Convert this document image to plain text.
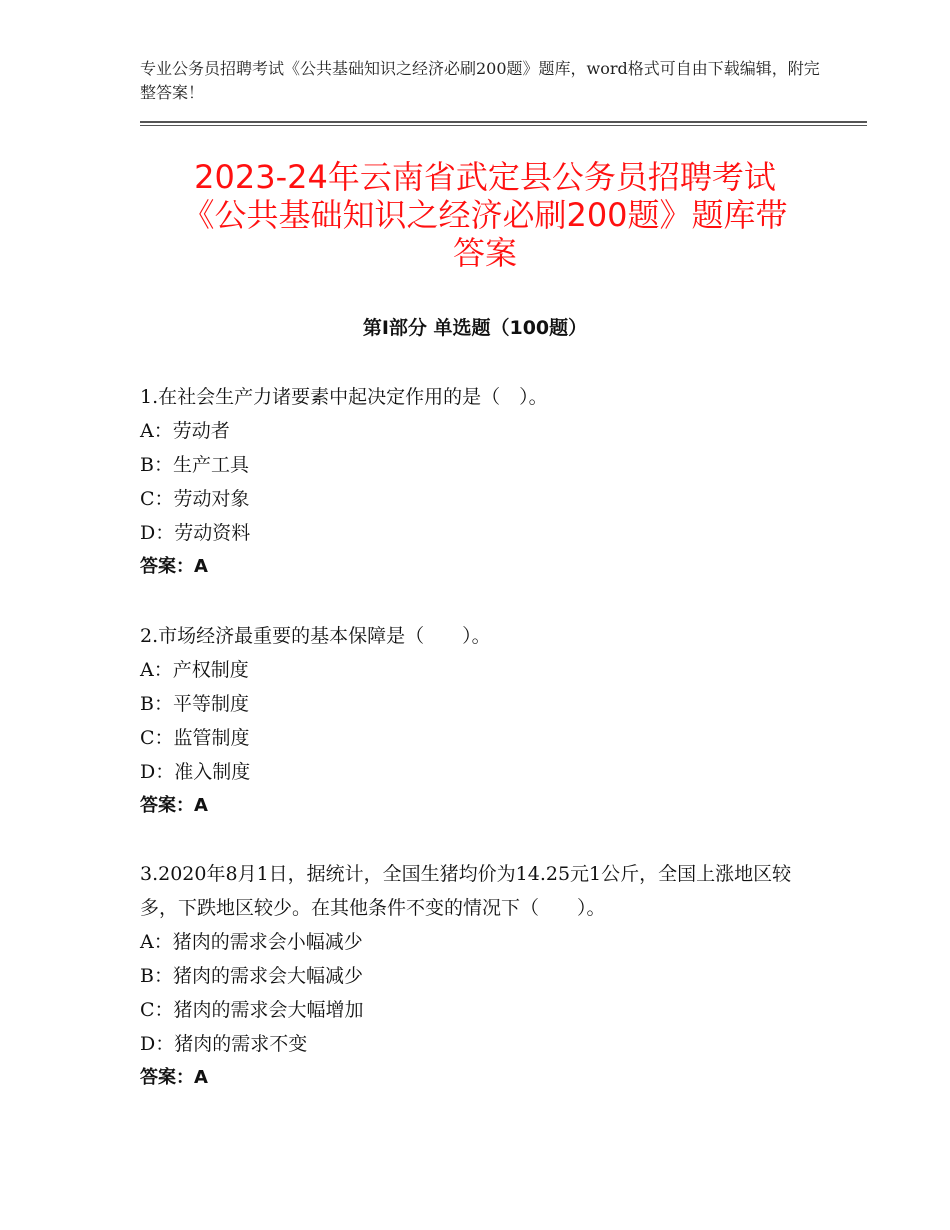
专业公务员招聘考试《公共基础知识之经济必刷200题》题库，word格式可自由下载编辑，附完整答案！
2023-24年云南省武定县公务员招聘考试
《公共基础知识之经济必刷200题》题库带
答案
第Ⅰ部分 单选题（100题）
1.在社会生产力诸要素中起决定作用的是（　）。
A：劳动者
B：生产工具
C：劳动对象
D：劳动资料
答案：A
2.市场经济最重要的基本保障是（　　）。
A：产权制度
B：平等制度
C：监管制度
D：准入制度
答案：A
3.2020年8月1日，据统计，全国生猪均价为14.25元1公斤，全国上涨地区较多，下跌地区较少。在其他条件不变的情况下（　　）。
A：猪肉的需求会小幅减少
B：猪肉的需求会大幅减少
C：猪肉的需求会大幅增加
D：猪肉的需求不变
答案：A
